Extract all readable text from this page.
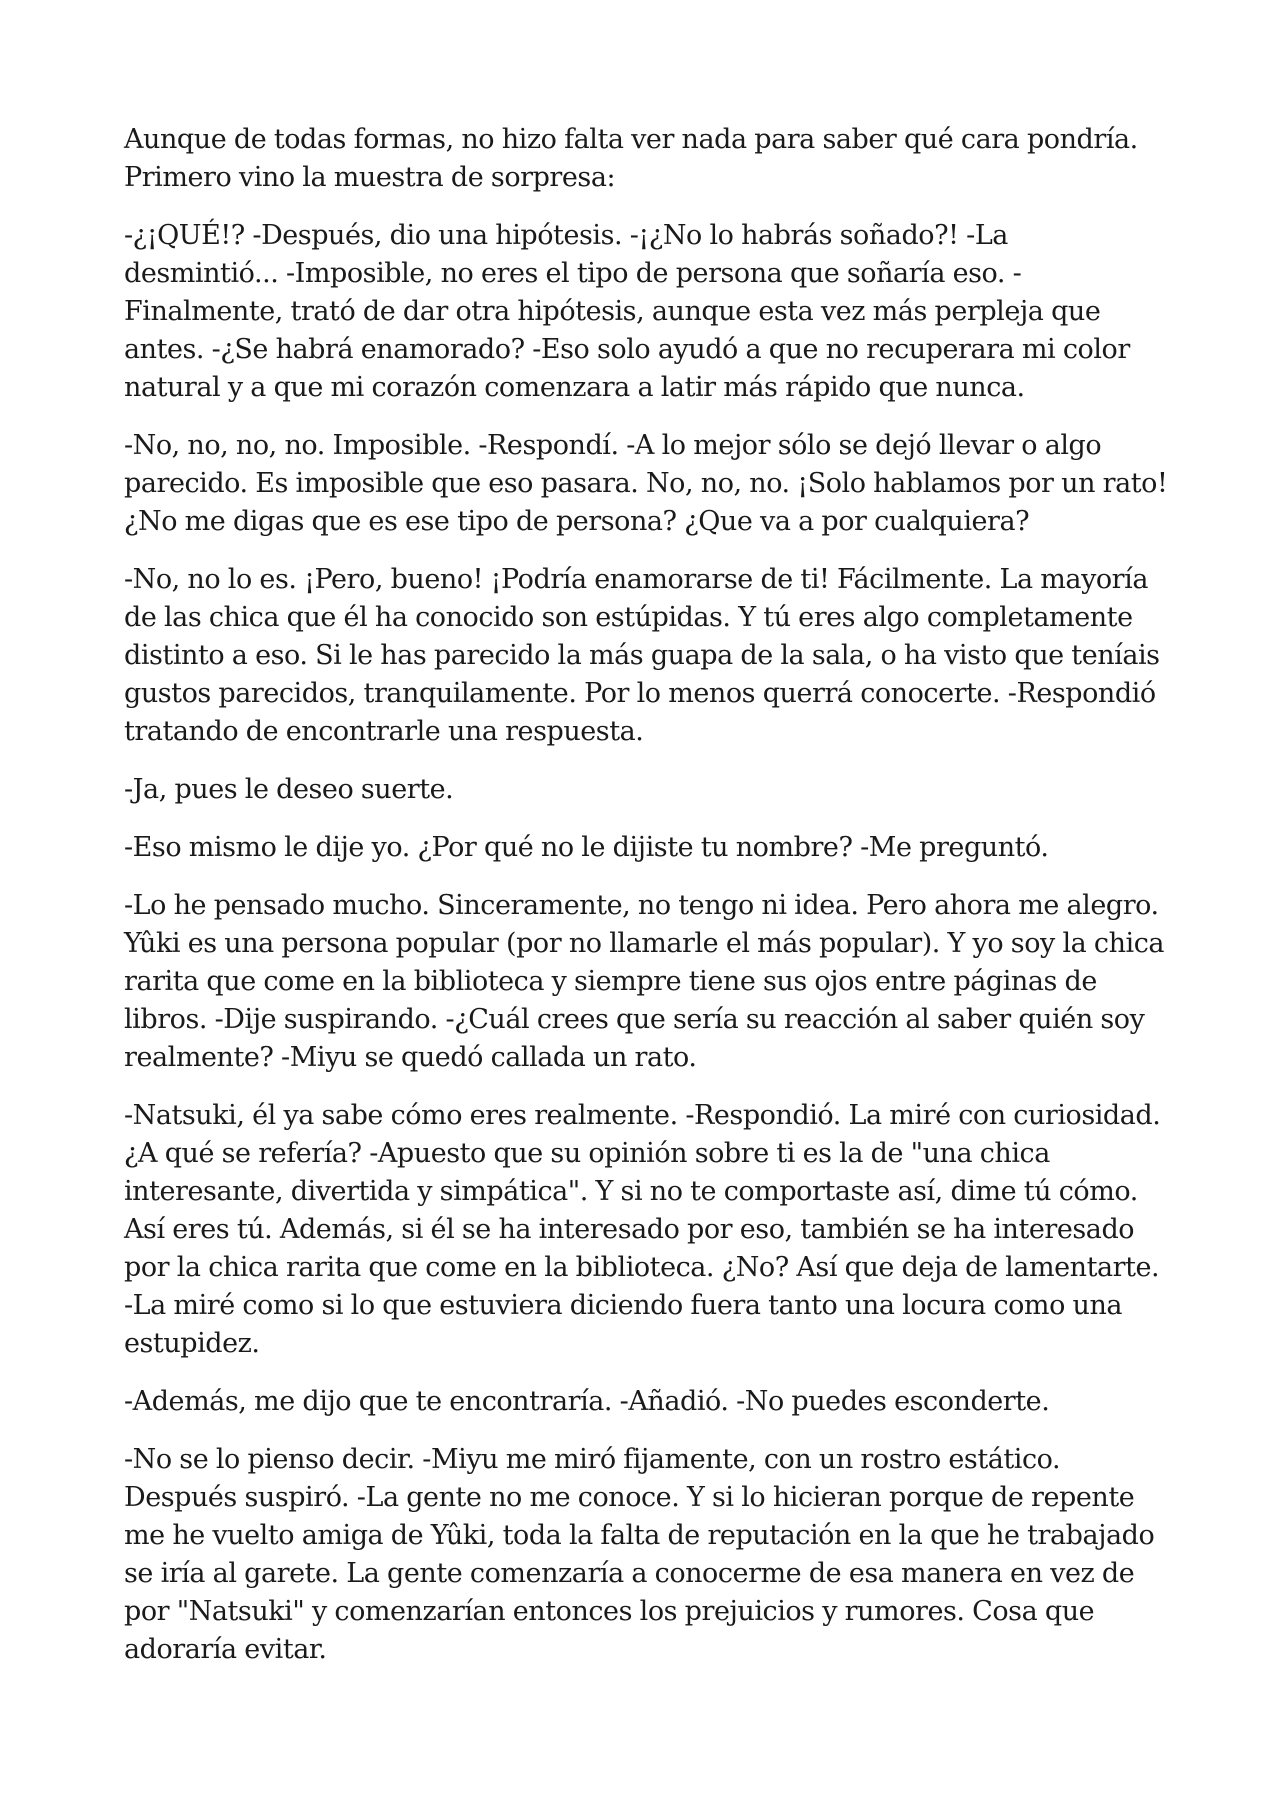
Aunque de todas formas, no hizo falta ver nada para saber qué cara pondría. Primero vino la muestra de sorpresa:

-¿¡QUÉ!? -Después, dio una hipótesis. -¡¿No lo habrás soñado?! -La desmintió... -Imposible, no eres el tipo de persona que soñaría eso. -Finalmente, trató de dar otra hipótesis, aunque esta vez más perpleja que antes. -¿Se habrá enamorado? -Eso solo ayudó a que no recuperara mi color natural y a que mi corazón comenzara a latir más rápido que nunca.

-No, no, no, no. Imposible. -Respondí. -A lo mejor sólo se dejó llevar o algo parecido. Es imposible que eso pasara. No, no, no. ¡Solo hablamos por un rato! ¿No me digas que es ese tipo de persona? ¿Que va a por cualquiera?

-No, no lo es. ¡Pero, bueno! ¡Podría enamorarse de ti! Fácilmente. La mayoría de las chica que él ha conocido son estúpidas. Y tú eres algo completamente distinto a eso. Si le has parecido la más guapa de la sala, o ha visto que teníais gustos parecidos, tranquilamente. Por lo menos querrá conocerte. -Respondió tratando de encontrarle una respuesta.

-Ja, pues le deseo suerte.

-Eso mismo le dije yo. ¿Por qué no le dijiste tu nombre? -Me preguntó.

-Lo he pensado mucho. Sinceramente, no tengo ni idea. Pero ahora me alegro. Yûki es una persona popular (por no llamarle el más popular). Y yo soy la chica rarita que come en la biblioteca y siempre tiene sus ojos entre páginas de libros. -Dije suspirando. -¿Cuál crees que sería su reacción al saber quién soy realmente? -Miyu se quedó callada un rato.

-Natsuki, él ya sabe cómo eres realmente. -Respondió. La miré con curiosidad. ¿A qué se refería? -Apuesto que su opinión sobre ti es la de "una chica interesante, divertida y simpática". Y si no te comportaste así, dime tú cómo. Así eres tú. Además, si él se ha interesado por eso, también se ha interesado por la chica rarita que come en la biblioteca. ¿No? Así que deja de lamentarte. -La miré como si lo que estuviera diciendo fuera tanto una locura como una estupidez.

-Además, me dijo que te encontraría. -Añadió. -No puedes esconderte.

-No se lo pienso decir. -Miyu me miró fijamente, con un rostro estático. Después suspiró. -La gente no me conoce. Y si lo hicieran porque de repente me he vuelto amiga de Yûki, toda la falta de reputación en la que he trabajado se iría al garete. La gente comenzaría a conocerme de esa manera en vez de por "Natsuki" y comenzarían entonces los prejuicios y rumores. Cosa que adoraría evitar.
